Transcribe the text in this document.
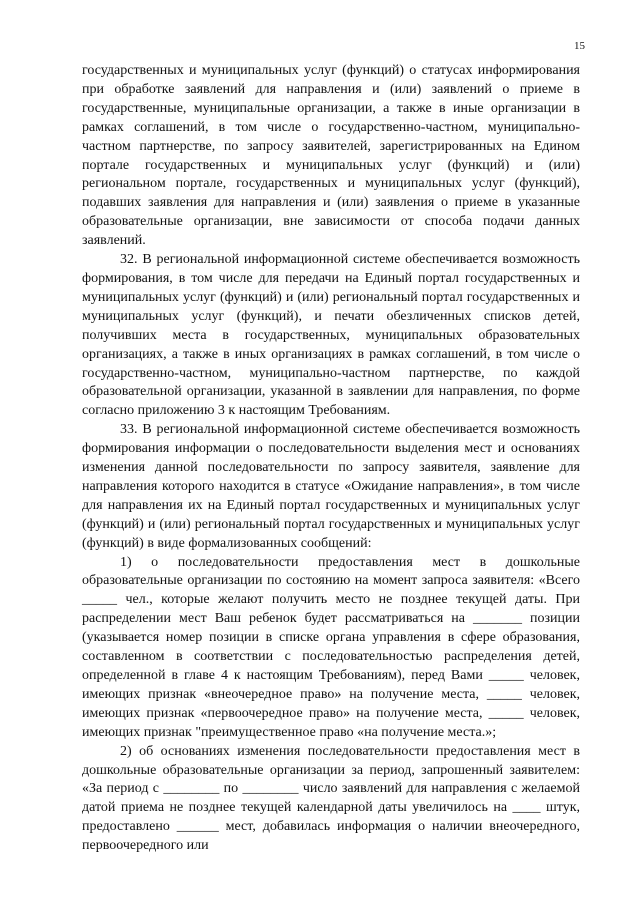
15

государственных и муниципальных услуг (функций) о статусах информирования при обработке заявлений для направления и (или) заявлений о приеме в государственные, муниципальные организации, а также в иные организации в рамках соглашений, в том числе о государственно-частном, муниципально-частном партнерстве, по запросу заявителей, зарегистрированных на Едином портале государственных и муниципальных услуг (функций) и (или) региональном портале, государственных и муниципальных услуг (функций), подавших заявления для направления и (или) заявления о приеме в указанные образовательные организации, вне зависимости от способа подачи данных заявлений.

32. В региональной информационной системе обеспечивается возможность формирования, в том числе для передачи на Единый портал государственных и муниципальных услуг (функций) и (или) региональный портал государственных и муниципальных услуг (функций), и печати обезличенных списков детей, получивших места в государственных, муниципальных образовательных организациях, а также в иных организациях в рамках соглашений, в том числе о государственно-частном, муниципально-частном партнерстве, по каждой образовательной организации, указанной в заявлении для направления, по форме согласно приложению 3 к настоящим Требованиям.

33. В региональной информационной системе обеспечивается возможность формирования информации о последовательности выделения мест и основаниях изменения данной последовательности по запросу заявителя, заявление для направления которого находится в статусе «Ожидание направления», в том числе для направления их на Единый портал государственных и муниципальных услуг (функций) и (или) региональный портал государственных и муниципальных услуг (функций) в виде формализованных сообщений:

1) о последовательности предоставления мест в дошкольные образовательные организации по состоянию на момент запроса заявителя: «Всего _____ чел., которые желают получить место не позднее текущей даты. При распределении мест Ваш ребенок будет рассматриваться на _______ позиции (указывается номер позиции в списке органа управления в сфере образования, составленном в соответствии с последовательностью распределения детей, определенной в главе 4 к настоящим Требованиям), перед Вами _____ человек, имеющих признак «внеочередное право» на получение места, _____ человек, имеющих признак «первоочередное право» на получение места, _____ человек, имеющих признак "преимущественное право «на получение места.»;

2) об основаниях изменения последовательности предоставления мест в дошкольные образовательные организации за период, запрошенный заявителем: «За период с ________ по ________ число заявлений для направления с желаемой датой приема не позднее текущей календарной даты увеличилось на ____ штук, предоставлено ______ мест, добавилась информация о наличии внеочередного, первоочередного или
